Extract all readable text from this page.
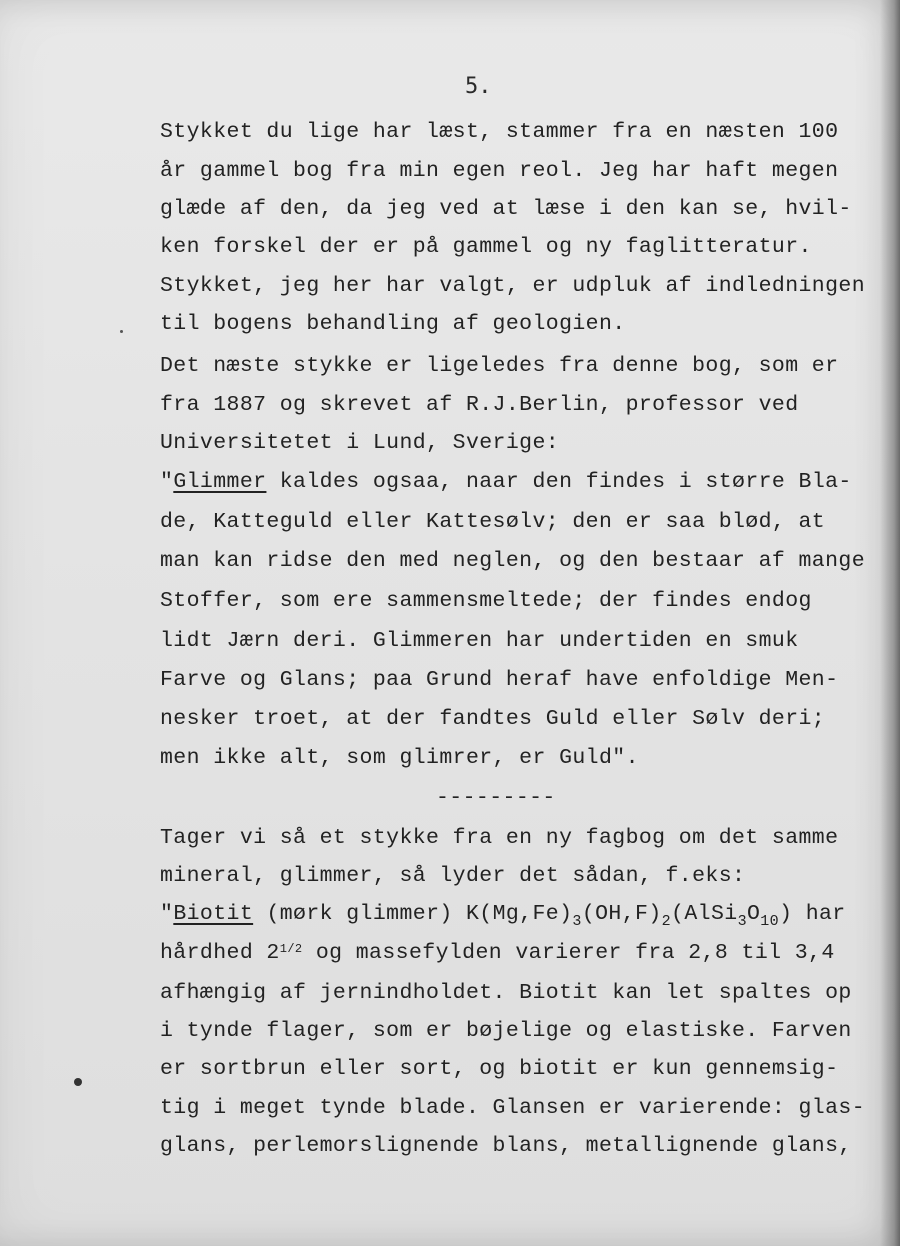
5.
Stykket du lige har læst, stammer fra en næsten 100
år gammel bog fra min egen reol. Jeg har haft megen
glæde af den, da jeg ved at læse i den kan se, hvil-
ken forskel der er på gammel og ny faglitteratur.
Stykket, jeg her har valgt, er udpluk af indledningen
til bogens behandling af geologien.
Det næste stykke er ligeledes fra denne bog, som er
fra 1887 og skrevet af R.J.Berlin, professor ved
Universitetet i Lund, Sverige:
"Glimmer kaldes ogsaa, naar den findes i større Bla-
de, Katteguld eller Kattesølv; den er saa blød, at
man kan ridse den med neglen, og den bestaar af mange
Stoffer, som ere sammensmeltede; der findes endog
lidt Jærn deri. Glimmeren har undertiden en smuk
Farve og Glans; paa Grund heraf have enfoldige Men-
nesker troet, at der fandtes Guld eller Sølv deri;
men ikke alt, som glimrer, er Guld".
---------
Tager vi så et stykke fra en ny fagbog om det samme
mineral, glimmer, så lyder det sådan, f.eks:
"Biotit (mørk glimmer) $K(Mg,Fe)_3(OH,F)_2(AlSi_3O_{10})$ har
hårdhed 21/2 og massefylden varierer fra 2,8 til 3,4
afhængig af jernindholdet. Biotit kan let spaltes op
i tynde flager, som er bøjelige og elastiske. Farven
er sortbrun eller sort, og biotit er kun gennemsig-
tig i meget tynde blade. Glansen er varierende: glas-
glans, perlemorslignende blans, metallignende glans,
